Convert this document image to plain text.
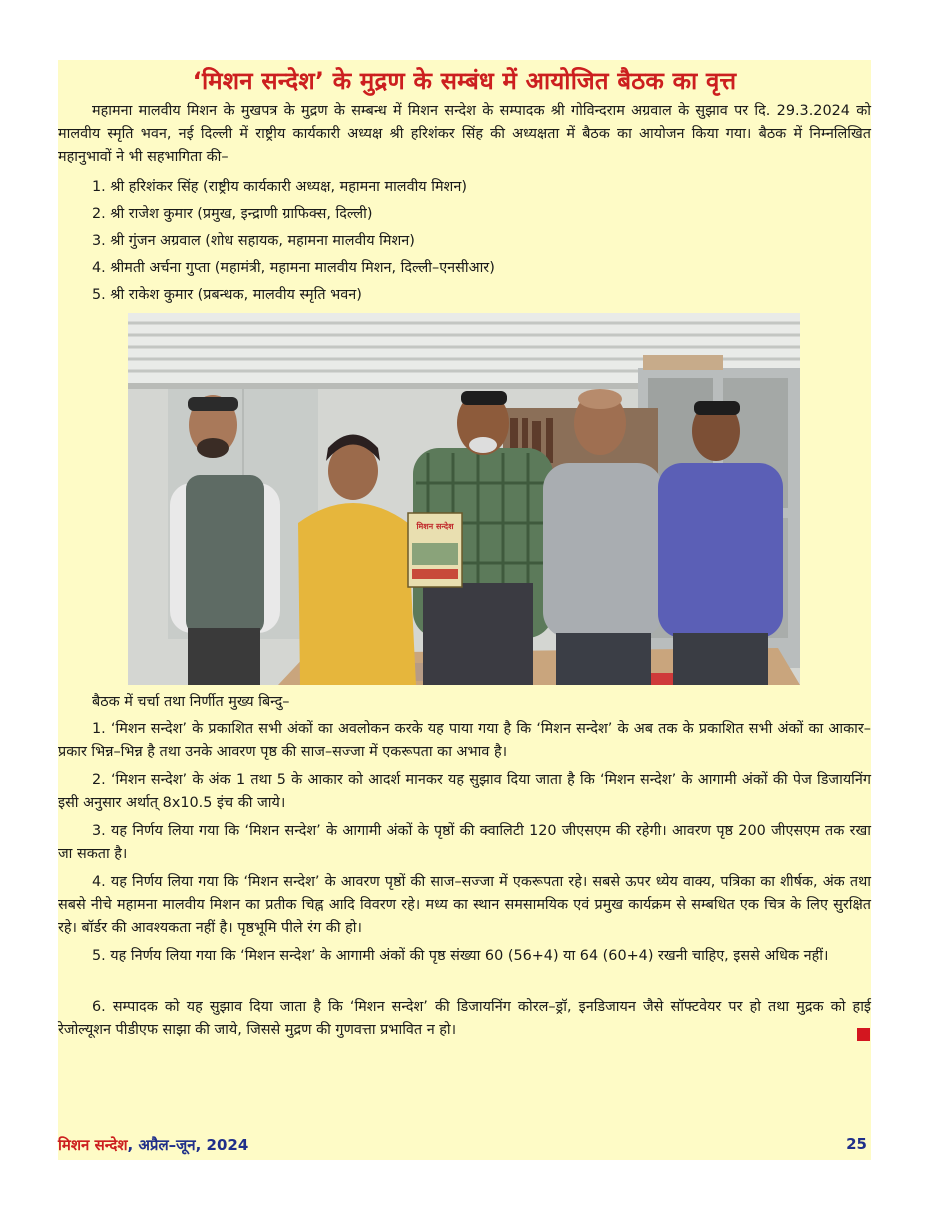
‘मिशन सन्देश’ के मुद्रण के सम्बंध में आयोजित बैठक का वृत्त

महामना मालवीय मिशन के मुखपत्र के मुद्रण के सम्बन्ध में मिशन सन्देश के सम्पादक श्री गोविन्दराम अग्रवाल के सुझाव पर दि. 29.3.2024 को मालवीय स्मृति भवन, नई दिल्ली में राष्ट्रीय कार्यकारी अध्यक्ष श्री हरिशंकर सिंह की अध्यक्षता में बैठक का आयोजन किया गया। बैठक में निम्नलिखित महानुभावों ने भी सहभागिता की–

1. श्री हरिशंकर सिंह (राष्ट्रीय कार्यकारी अध्यक्ष, महामना मालवीय मिशन)
2. श्री राजेश कुमार (प्रमुख, इन्द्राणी ग्राफिक्स, दिल्ली)
3. श्री गुंजन अग्रवाल (शोध सहायक, महामना मालवीय मिशन)
4. श्रीमती अर्चना गुप्ता (महामंत्री, महामना मालवीय मिशन, दिल्ली–एनसीआर)
5. श्री राकेश कुमार (प्रबन्धक, मालवीय स्मृति भवन)
मिशन सन्देश
बैठक में चर्चा तथा निर्णीत मुख्य बिन्दु–

1. ‘मिशन सन्देश’ के प्रकाशित सभी अंकों का अवलोकन करके यह पाया गया है कि ‘मिशन सन्देश’ के अब तक के प्रकाशित सभी अंकों का आकार–प्रकार भिन्न–भिन्न है तथा उनके आवरण पृष्ठ की साज–सज्जा में एकरूपता का अभाव है।

2. ‘मिशन सन्देश’ के अंक 1 तथा 5 के आकार को आदर्श मानकर यह सुझाव दिया जाता है कि ‘मिशन सन्देश’ के आगामी अंकों की पेज डिजायनिंग इसी अनुसार अर्थात् 8x10.5 इंच की जाये।

3. यह निर्णय लिया गया कि ‘मिशन सन्देश’ के आगामी अंकों के पृष्ठों की क्वालिटी 120 जीएसएम की रहेगी। आवरण पृष्ठ 200 जीएसएम तक रखा जा सकता है।

4. यह निर्णय लिया गया कि ‘मिशन सन्देश’ के आवरण पृष्ठों की साज–सज्जा में एकरूपता रहे। सबसे ऊपर ध्येय वाक्य, पत्रिका का शीर्षक, अंक तथा सबसे नीचे महामना मालवीय मिशन का प्रतीक चिह्न आदि विवरण रहे। मध्य का स्थान समसामयिक एवं प्रमुख कार्यक्रम से सम्बधित एक चित्र के लिए सुरक्षित रहे। बॉर्डर की आवश्यकता नहीं है। पृष्ठभूमि पीले रंग की हो।

5. यह निर्णय लिया गया कि ‘मिशन सन्देश’ के आगामी अंकों की पृष्ठ संख्या 60 (56+4) या 64 (60+4) रखनी चाहिए, इससे अधिक नहीं।

6. सम्पादक को यह सुझाव दिया जाता है कि ‘मिशन सन्देश’ की डिजायनिंग कोरल–ड्रॉ, इनडिजायन जैसे सॉफ्टवेयर पर हो तथा मुद्रक को हाई रेजोल्यूशन पीडीएफ साझा की जाये, जिससे मुद्रण की गुणवत्ता प्रभावित न हो।

मिशन सन्देश, अप्रैल–जून, 2024	25
